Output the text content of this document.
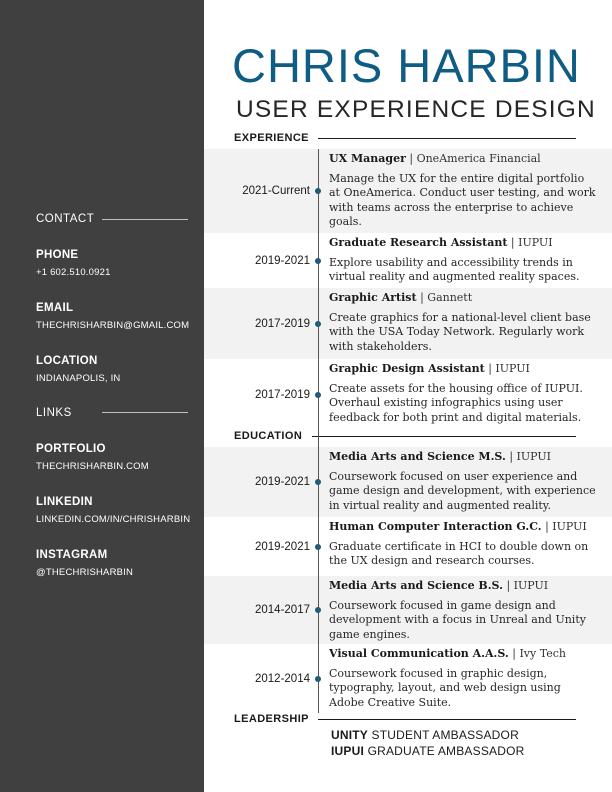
CONTACT
PHONE
+1 602.510.0921
EMAIL
THECHRISHARBIN@GMAIL.COM
LOCATION
INDIANAPOLIS, IN
LINKS
PORTFOLIO
THECHRISHARBIN.COM
LINKEDIN
LINKEDIN.COM/IN/CHRISHARBIN
INSTAGRAM
@THECHRISHARBIN
CHRIS HARBIN
USER EXPERIENCE DESIGN
EXPERIENCE
EDUCATION
LEADERSHIP
2021-Current
UX Manager | OneAmerica Financial
Manage the UX for the entire digital portfolio at OneAmerica. Conduct user testing, and work with teams across the enterprise to achieve goals.
2019-2021
Graduate Research Assistant | IUPUI
Explore usability and accessibility trends in virtual reality and augmented reality spaces.
2017-2019
Graphic Artist | Gannett
Create graphics for a national-level client base with the USA Today Network. Regularly work with stakeholders.
2017-2019
Graphic Design Assistant | IUPUI
Create assets for the housing office of IUPUI. Overhaul existing infographics using user feedback for both print and digital materials.
2019-2021
Media Arts and Science M.S. | IUPUI
Coursework focused on user experience and game design and development, with experience in virtual reality and augmented reality.
2019-2021
Human Computer Interaction G.C. | IUPUI
Graduate certificate in HCI to double down on the UX design and research courses.
2014-2017
Media Arts and Science B.S. | IUPUI
Coursework focused in game design and development with a focus in Unreal and Unity game engines.
2012-2014
Visual Communication A.A.S. | Ivy Tech
Coursework focused in graphic design, typography, layout, and web design using Adobe Creative Suite.
UNITY STUDENT AMBASSADOR
IUPUI GRADUATE AMBASSADOR
